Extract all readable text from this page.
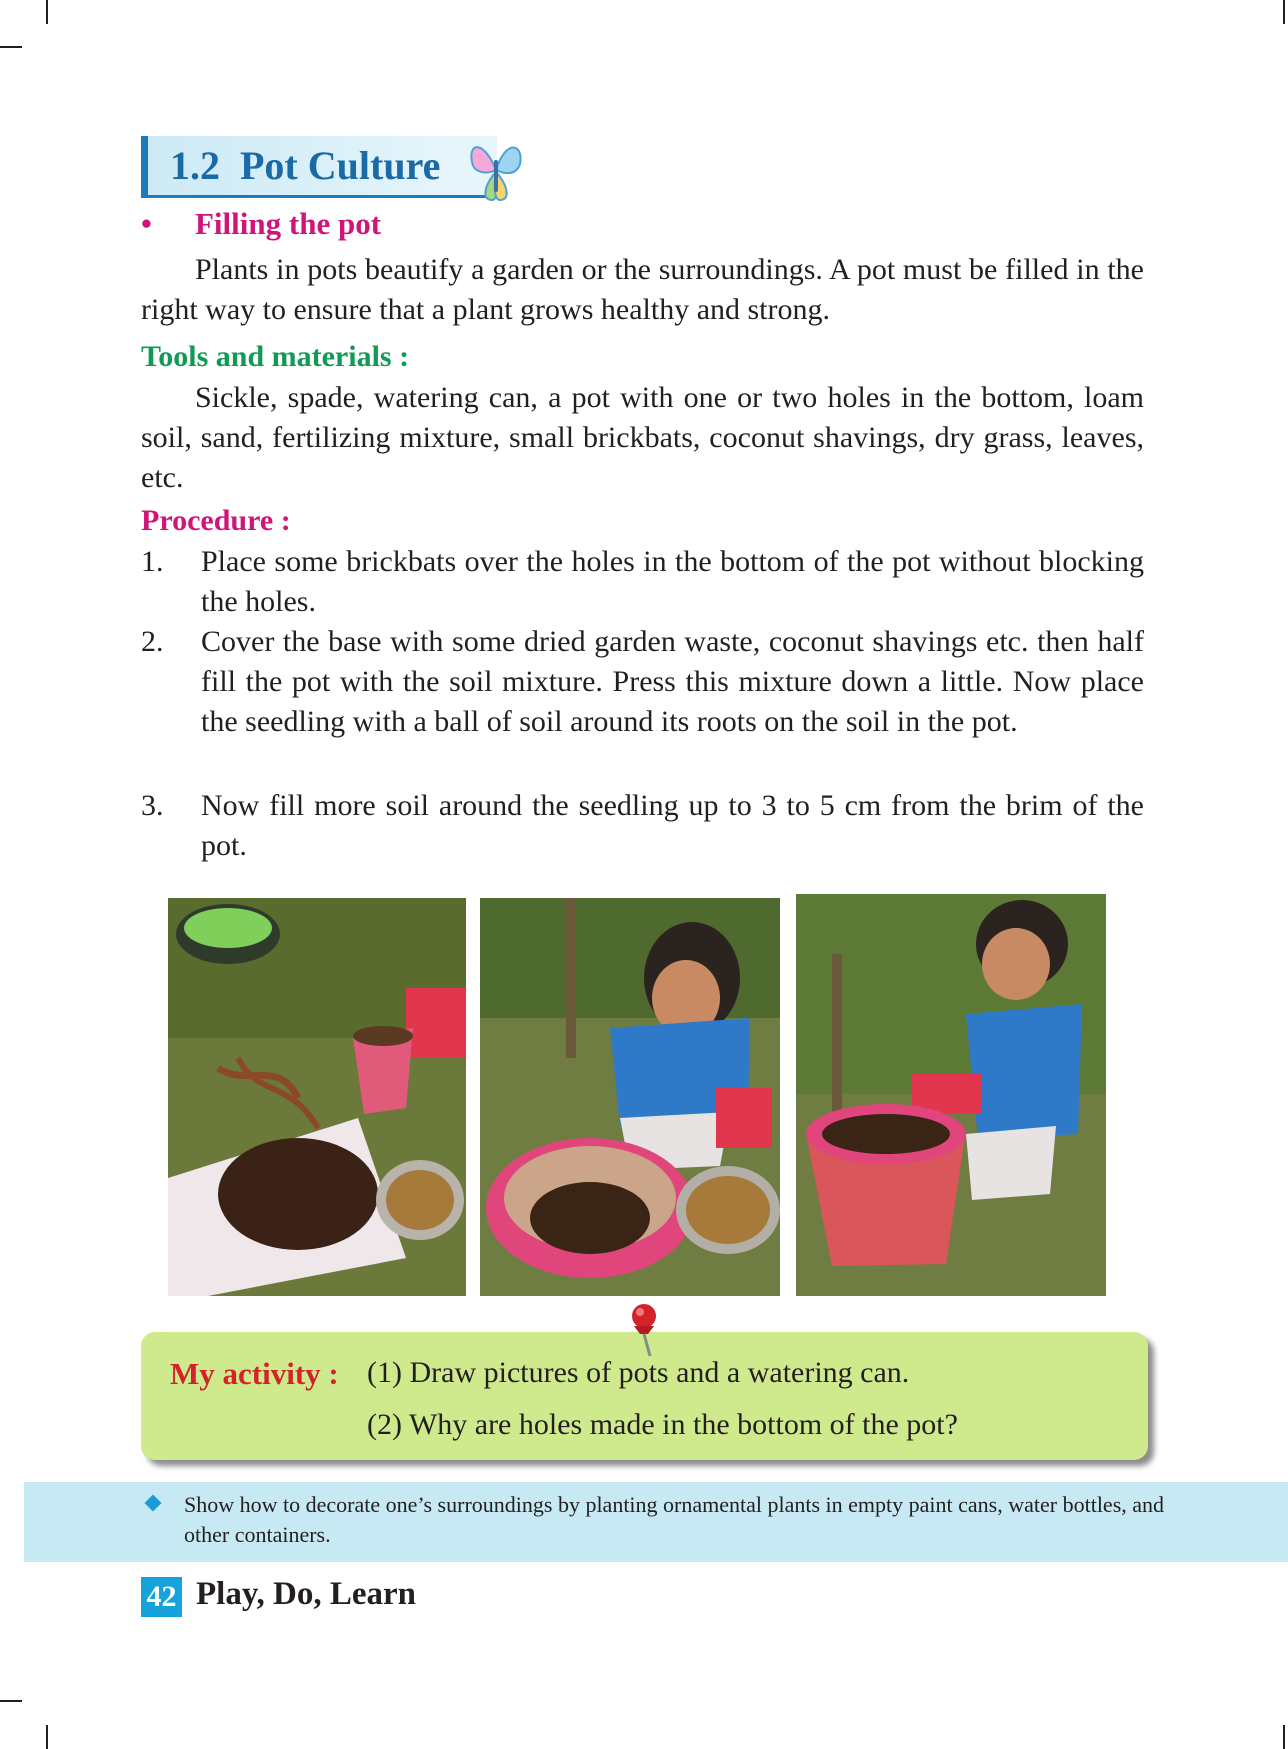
1.2 Pot Culture
• Filling the pot

Plants in pots beautify a garden or the surroundings. A pot must be filled in the right way to ensure that a plant grows healthy and strong.

Tools and materials :

Sickle, spade, watering can, a pot with one or two holes in the bottom, loam soil, sand, fertilizing mixture, small brickbats, coconut shavings, dry grass, leaves, etc.

Procedure :
1. Place some brickbats over the holes in the bottom of the pot without blocking the holes.
2. Cover the base with some dried garden waste, coconut shavings etc. then half fill the pot with the soil mixture. Press this mixture down a little. Now place the seedling with a ball of soil around its roots on the soil in the pot.
3. Now fill more soil around the seedling up to 3 to 5 cm from the brim of the pot.
My activity : (1) Draw pictures of pots and a watering can.
(2) Why are holes made in the bottom of the pot?
Show how to decorate one’s surroundings by planting ornamental plants in empty paint cans, water bottles, and other containers.
42 Play, Do, Learn
